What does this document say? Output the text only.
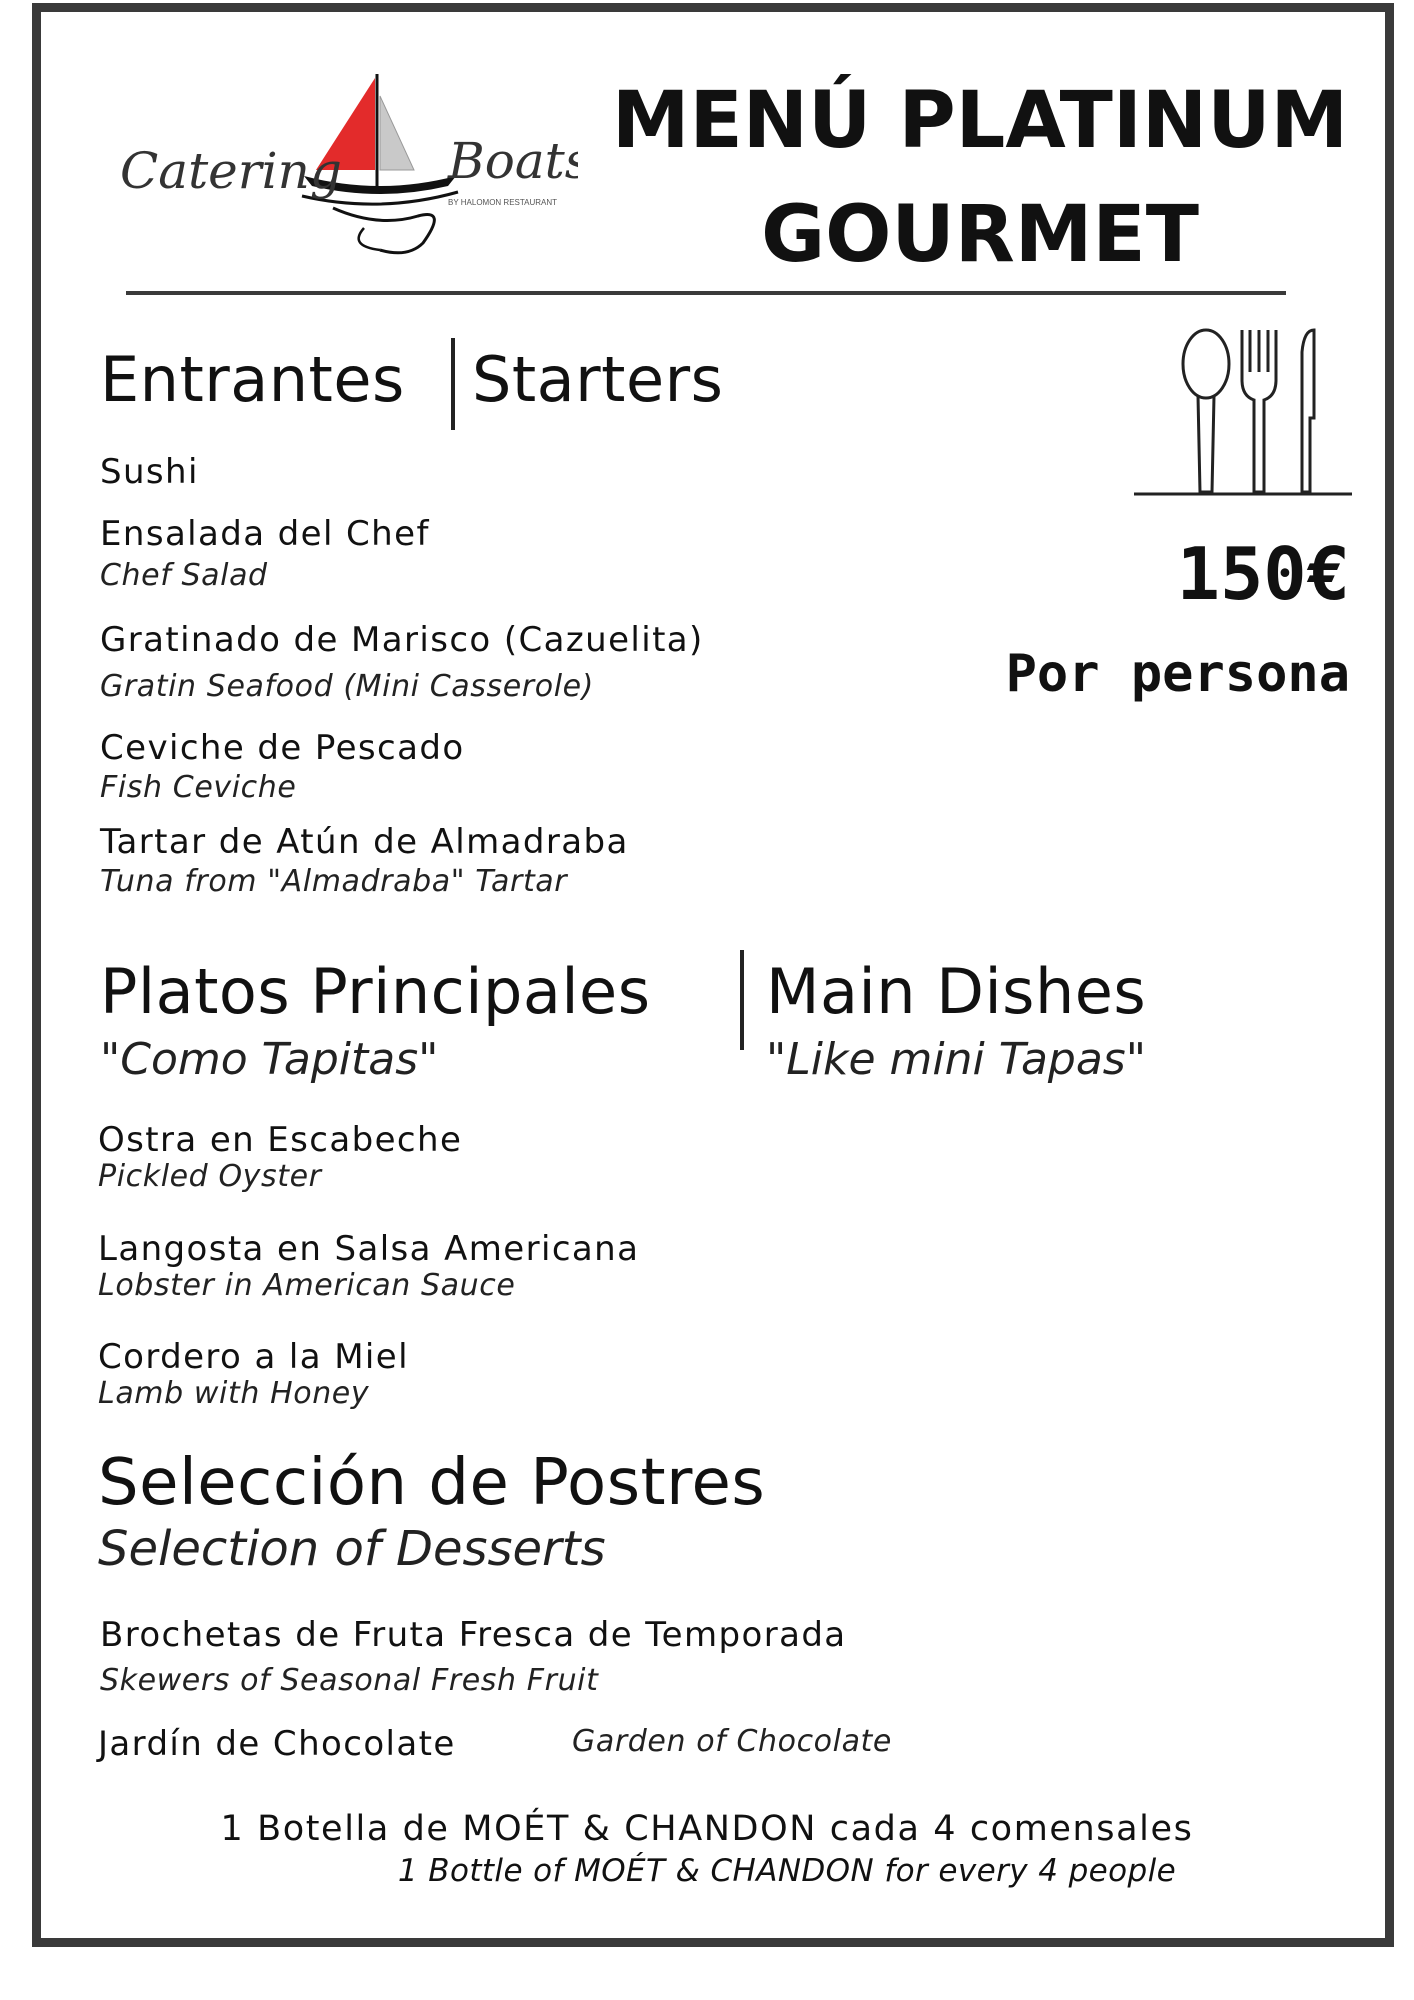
Catering Boats
BY HALOMON RESTAURANT
MENÚ PLATINUM
GOURMET
150€
Por persona
Entrantes Starters
Sushi
Ensalada del Chef
Chef Salad
Gratinado de Marisco (Cazuelita)
Gratin Seafood (Mini Casserole)
Ceviche de Pescado
Fish Ceviche
Tartar de Atún de Almadraba
Tuna from "Almadraba" Tartar
Platos Principales Main Dishes
"Como Tapitas"	"Like mini Tapas"
Ostra en Escabeche
Pickled Oyster
Langosta en Salsa Americana
Lobster in American Sauce
Cordero a la Miel
Lamb with Honey
Selección de Postres
Selection of Desserts
Brochetas de Fruta Fresca de Temporada
Skewers of Seasonal Fresh Fruit
Jardín de Chocolate	Garden of Chocolate
1 Botella de MOÉT & CHANDON cada 4 comensales
1 Bottle of MOÉT & CHANDON for every 4 people
